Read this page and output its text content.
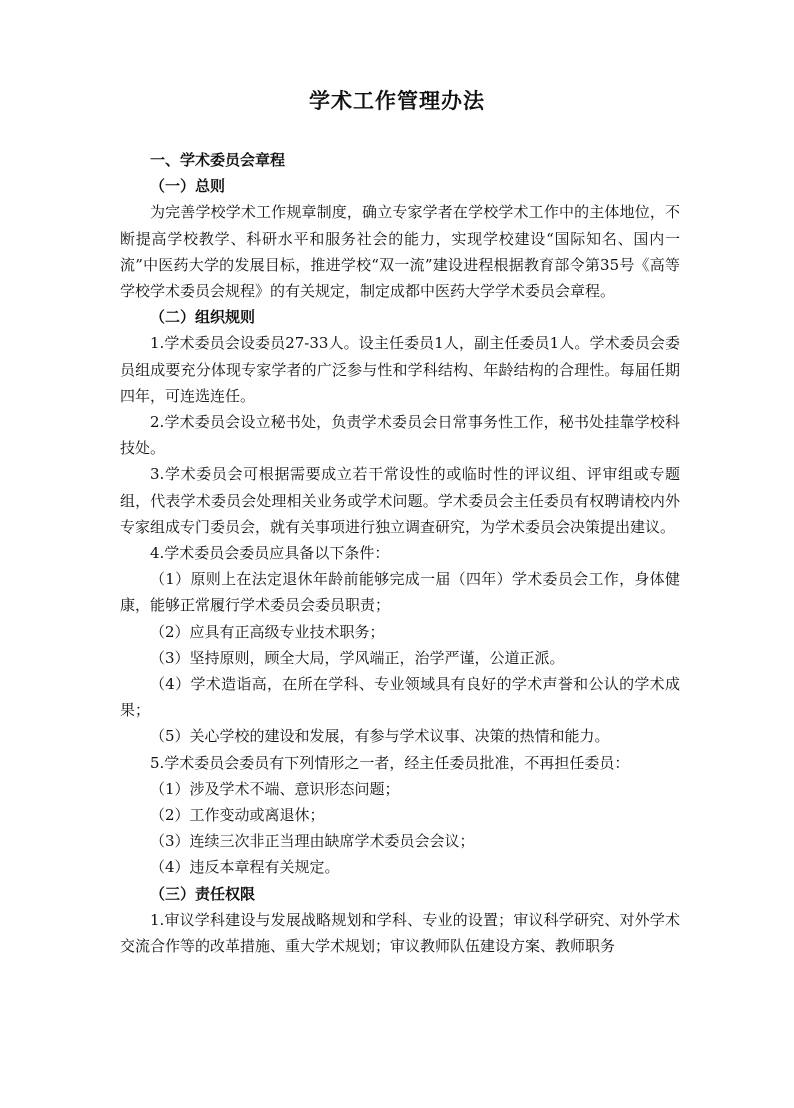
学术工作管理办法
一、学术委员会章程
（一）总则
为完善学校学术工作规章制度，确立专家学者在学校学术工作中的主体地位，不断提高学校教学、科研水平和服务社会的能力，实现学校建设“国际知名、国内一流”中医药大学的发展目标，推进学校“双一流”建设进程根据教育部令第35号《高等学校学术委员会规程》的有关规定，制定成都中医药大学学术委员会章程。
（二）组织规则
1.学术委员会设委员27-33人。设主任委员1人，副主任委员1人。学术委员会委员组成要充分体现专家学者的广泛参与性和学科结构、年龄结构的合理性。每届任期四年，可连选连任。
2.学术委员会设立秘书处，负责学术委员会日常事务性工作，秘书处挂靠学校科技处。
3.学术委员会可根据需要成立若干常设性的或临时性的评议组、评审组或专题组，代表学术委员会处理相关业务或学术问题。学术委员会主任委员有权聘请校内外专家组成专门委员会，就有关事项进行独立调查研究，为学术委员会决策提出建议。
4.学术委员会委员应具备以下条件：
（1）原则上在法定退休年龄前能够完成一届（四年）学术委员会工作，身体健康，能够正常履行学术委员会委员职责；
（2）应具有正高级专业技术职务；
（3）坚持原则，顾全大局，学风端正，治学严谨，公道正派。
（4）学术造诣高，在所在学科、专业领域具有良好的学术声誉和公认的学术成果；
（5）关心学校的建设和发展，有参与学术议事、决策的热情和能力。
5.学术委员会委员有下列情形之一者，经主任委员批准，不再担任委员：
（1）涉及学术不端、意识形态问题；
（2）工作变动或离退休；
（3）连续三次非正当理由缺席学术委员会会议；
（4）违反本章程有关规定。
（三）责任权限
1.审议学科建设与发展战略规划和学科、专业的设置；审议科学研究、对外学术交流合作等的改革措施、重大学术规划；审议教师队伍建设方案、教师职务
